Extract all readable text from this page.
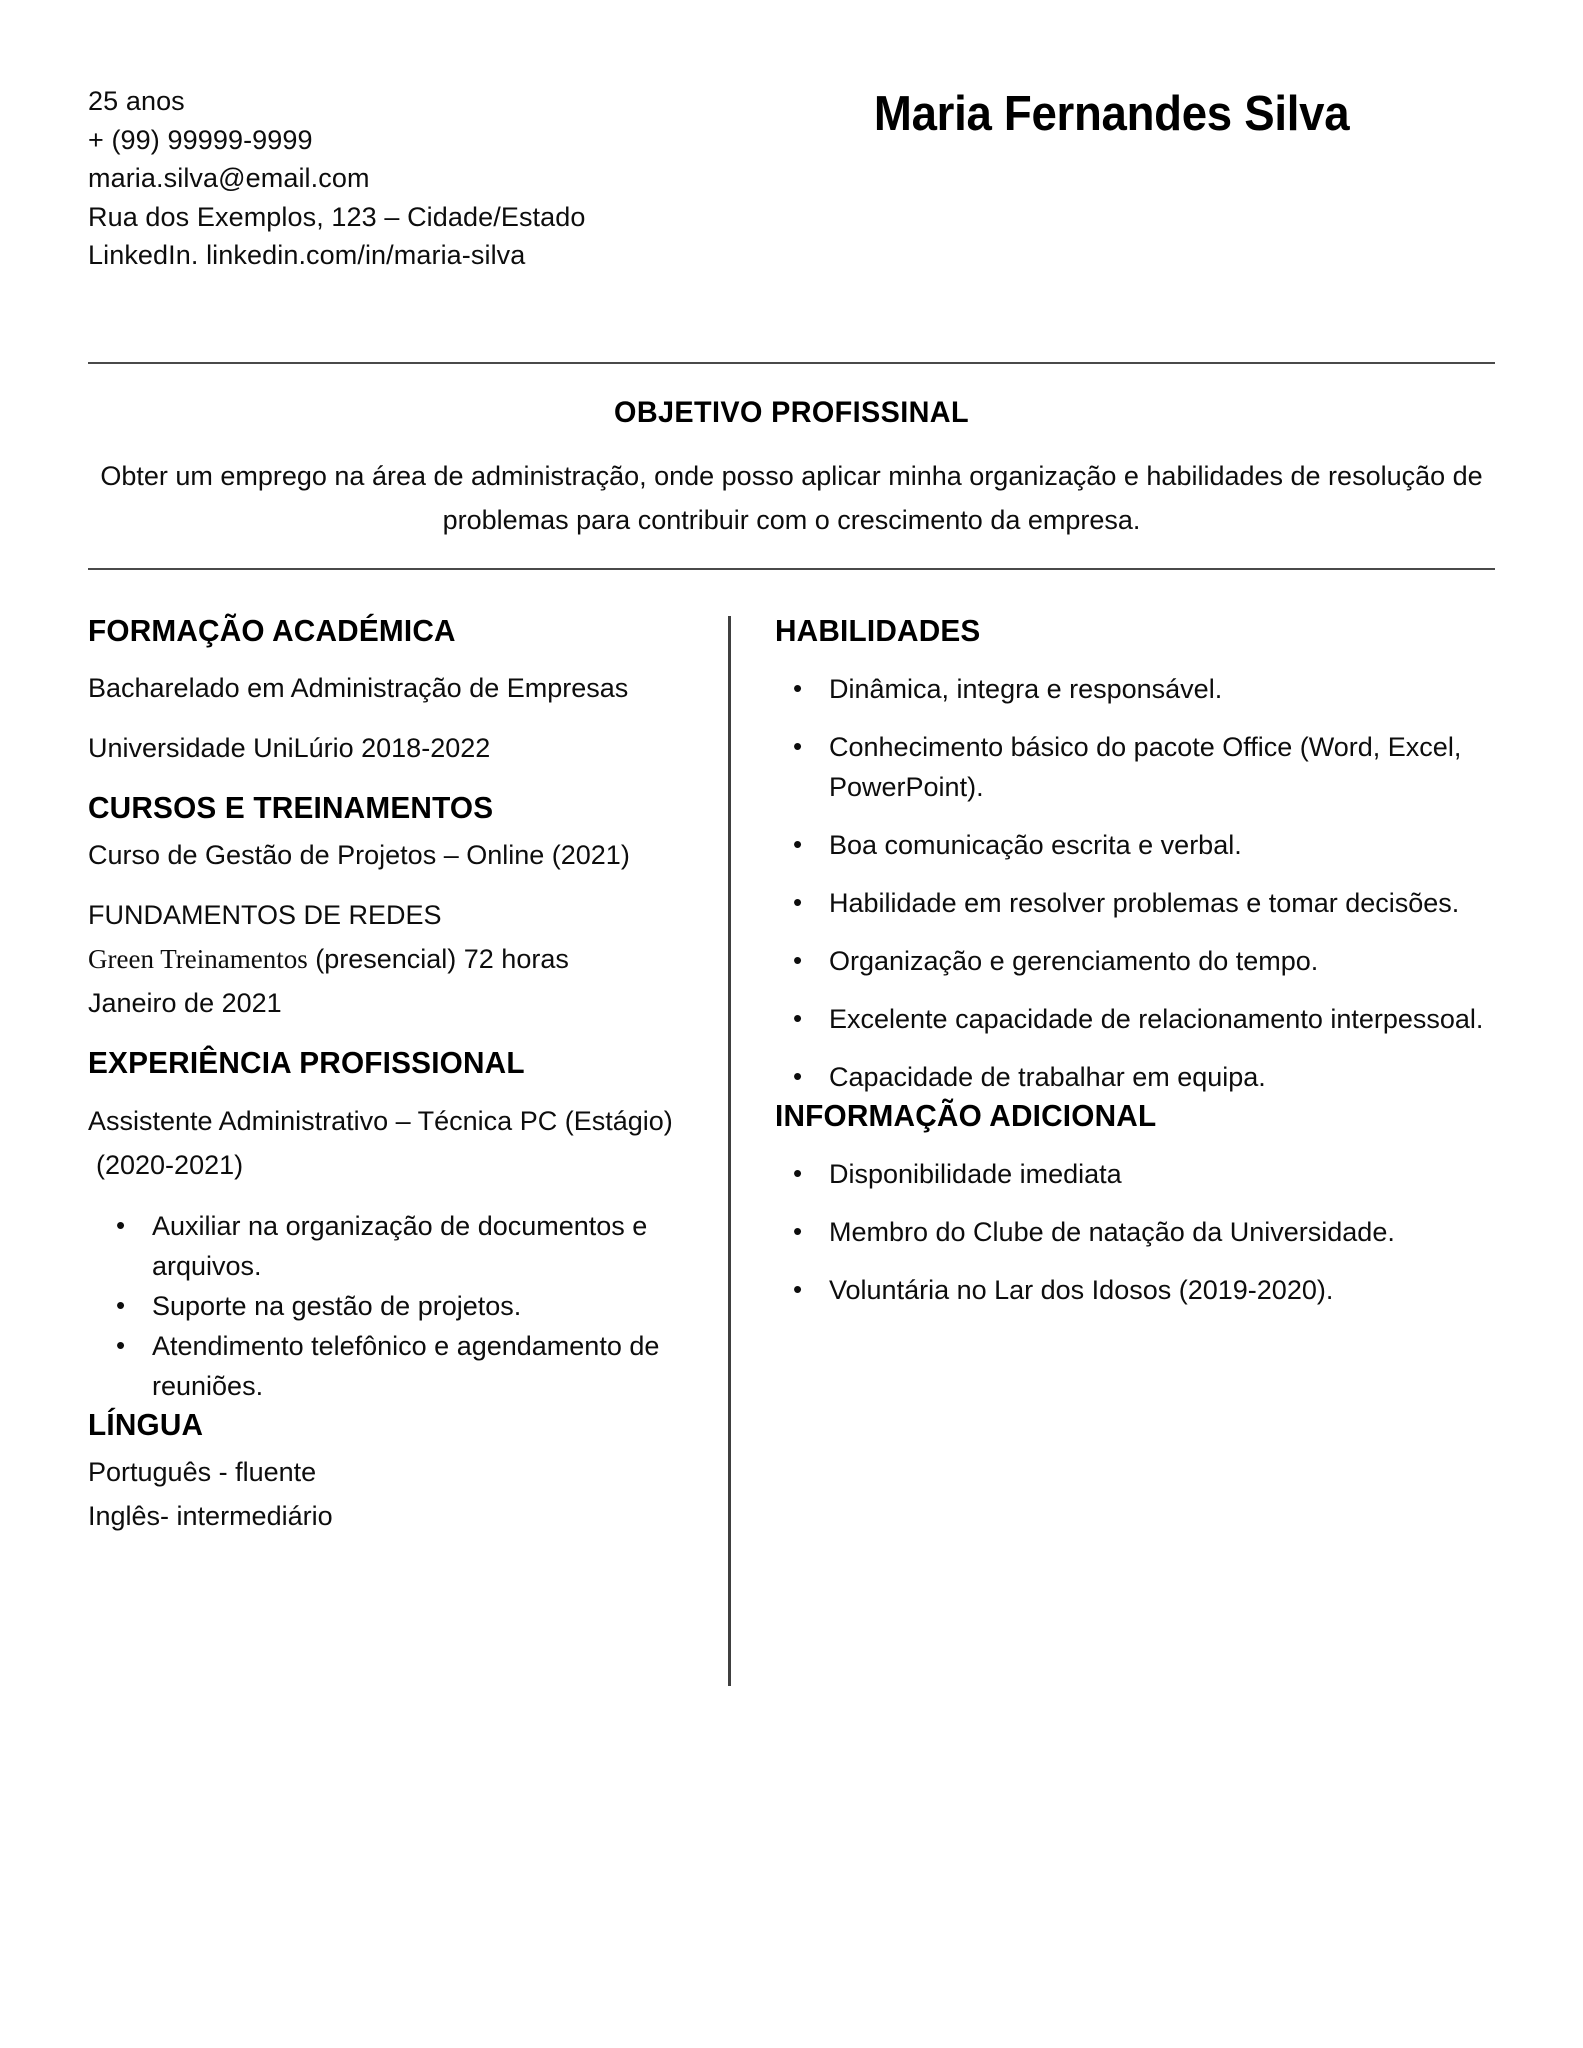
25 anos
+ (99) 99999-9999
maria.silva@email.com
Rua dos Exemplos, 123 – Cidade/Estado
LinkedIn. linkedin.com/in/maria-silva
Maria Fernandes Silva
OBJETIVO PROFISSINAL
Obter um emprego na área de administração, onde posso aplicar minha organização e habilidades de resolução de problemas para contribuir com o crescimento da empresa.
FORMAÇÃO ACADÉMICA

Bacharelado em Administração de Empresas

Universidade UniLúrio 2018-2022

CURSOS E TREINAMENTOS

Curso de Gestão de Projetos – Online (2021)

FUNDAMENTOS DE REDES

Green Treinamentos (presencial) 72 horas

Janeiro de 2021

EXPERIÊNCIA PROFISSIONAL

Assistente Administrativo – Técnica PC (Estágio)

(2020-2021)

• Auxiliar na organização de documentos e arquivos.
• Suporte na gestão de projetos.
• Atendimento telefônico e agendamento de reuniões.
LÍNGUA

Português - fluente

Inglês- intermediário

HABILIDADES
• Dinâmica, integra e responsável.
• Conhecimento básico do pacote Office (Word, Excel, PowerPoint).
• Boa comunicação escrita e verbal.
• Habilidade em resolver problemas e tomar decisões.
• Organização e gerenciamento do tempo.
• Excelente capacidade de relacionamento interpessoal.
• Capacidade de trabalhar em equipa.
INFORMAÇÃO ADICIONAL
• Disponibilidade imediata
• Membro do Clube de natação da Universidade.
• Voluntária no Lar dos Idosos (2019-2020).
